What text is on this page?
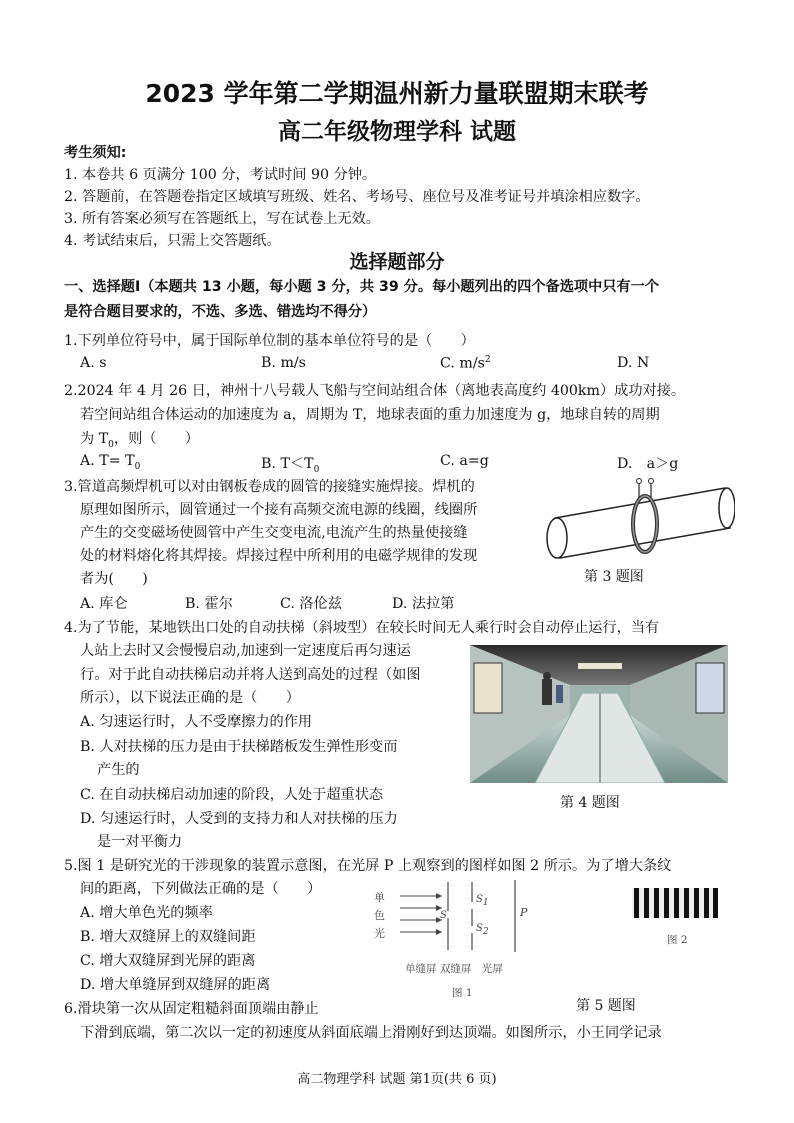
2023 学年第二学期温州新力量联盟期末联考
高二年级物理学科 试题
考生须知:
1. 本卷共 6 页满分 100 分，考试时间 90 分钟。
2. 答题前，在答题卷指定区域填写班级、姓名、考场号、座位号及准考证号并填涂相应数字。
3. 所有答案必须写在答题纸上，写在试卷上无效。
4. 考试结束后，只需上交答题纸。
选择题部分
一、选择题Ⅰ（本题共 13 小题，每小题 3 分，共 39 分。每小题列出的四个备选项中只有一个
是符合题目要求的，不选、多选、错选均不得分）
1.下列单位符号中，属于国际单位制的基本单位符号的是（　　）
A. s	B. m/s	C. $m/s^2$	D. N
2.2024 年 4 月 26 日，神州十八号载人飞船与空间站组合体（离地表高度约 400km）成功对接。
若空间站组合体运动的加速度为 a，周期为 T，地球表面的重力加速度为 g，地球自转的周期
为 $T_0$，则（　　）
A. $T= T_0$	B. $T<T_0$
C. a=g	D.　a＞g
3.管道高频焊机可以对由钢板卷成的圆管的接缝实施焊接。焊机的
原理如图所示，圆管通过一个接有高频交流电源的线圈，线圈所
产生的交变磁场使圆管中产生交变电流,电流产生的热量使接缝
处的材料熔化将其焊接。焊接过程中所利用的电磁学规律的发现
者为(　　)
A. 库仑	B. 霍尔	C. 洛伦兹	D. 法拉第
第 3 题图
4.为了节能，某地铁出口处的自动扶梯（斜坡型）在较长时间无人乘行时会自动停止运行，当有
人站上去时又会慢慢启动,加速到一定速度后再匀速运
行。对于此自动扶梯启动并将人送到高处的过程（如图
所示），以下说法正确的是（　　）
A. 匀速运行时，人不受摩擦力的作用
B. 人对扶梯的压力是由于扶梯踏板发生弹性形变而
产生的
C. 在自动扶梯启动加速的阶段，人处于超重状态
D. 匀速运行时，人受到的支持力和人对扶梯的压力
是一对平衡力
第 4 题图
5.图 1 是研究光的干涉现象的装置示意图，在光屏 P 上观察到的图样如图 2 所示。为了增大条纹
间的距离，下列做法正确的是（　　）
A. 增大单色光的频率
B. 增大双缝屏上的双缝间距
C. 增大双缝屏到光屏的距离
D. 增大单缝屏到双缝屏的距离
单
色
光
S
$S_1$
$S_2$
P
单缝屏 双缝屏　光屏
图 1
图 2
第 5 题图
6.滑块第一次从固定粗糙斜面顶端由静止
下滑到底端，第二次以一定的初速度从斜面底端上滑刚好到达顶端。如图所示，小王同学记录
高二物理学科 试题 第1页(共 6 页)
